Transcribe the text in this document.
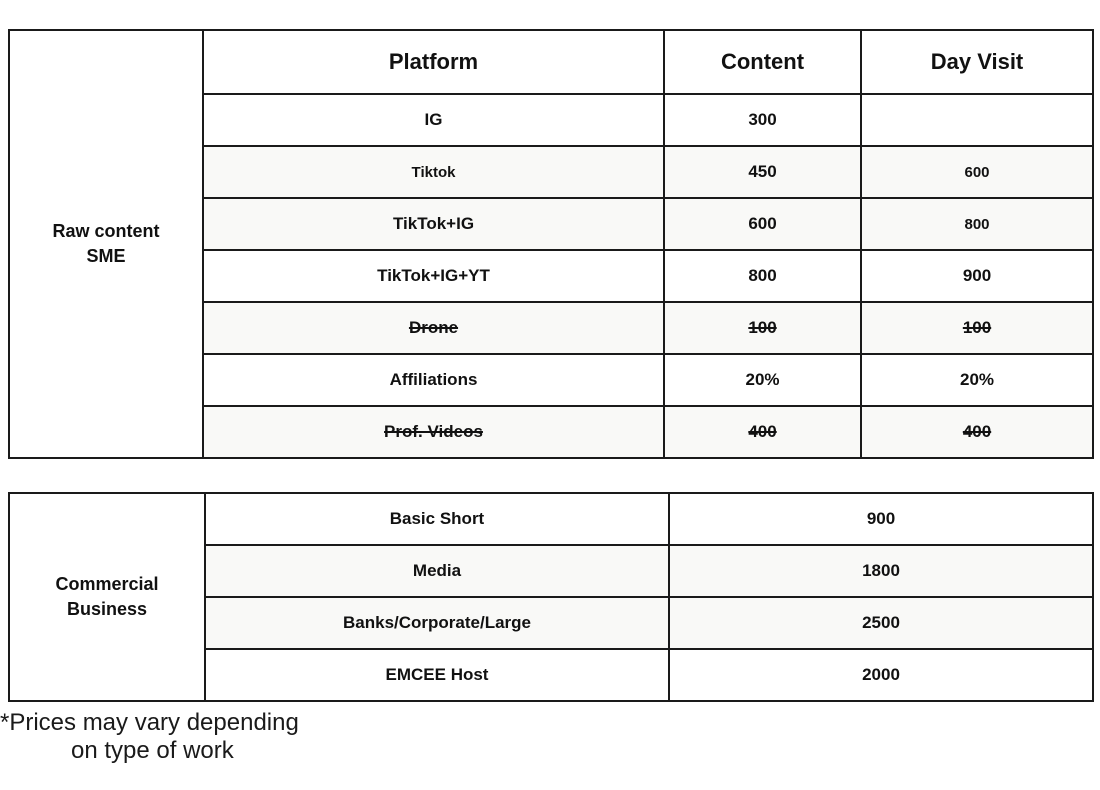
Raw content
SME	Platform	Content	Day Visit
	IG	300	
	Tiktok	450	600
	TikTok+IG	600	800
	TikTok+IG+YT	800	900
	Drone	100	100
	Affiliations	20%	20%
	Prof. Videos	400	400
Commercial
Business	Basic Short	900
	Media	1800
	Banks/Corporate/Large	2500
	EMCEE Host	2000
*Prices may vary depending
on type of work
